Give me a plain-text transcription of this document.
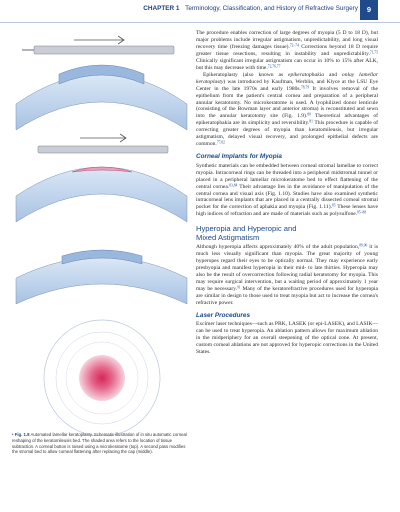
CHAPTER 1 Terminology, Classification, and History of Refractive Surgery	9
• Fig. 1.8 Automated lamellar keratoplasty. Schematic illustration of in situ automatic corneal reshaping of the keratomileusis bed. The shaded area refers to the location of tissue subtraction. A corneal button is raised using a microkeratome (top). A second pass modifies the stromal bed to allow corneal flattening after replacing the cap (middle).

The procedure enables correction of large degrees of myopia (5 D to 18 D), but major problems include irregular astigmatism, unpredictability, and long visual recovery time (freezing damages tissue).$^{72-74}$ Corrections beyond 18 D require greater tissue resections, resulting in instability and unpredictability.$^{71,75}$ Clinically significant irregular astigmatism can occur in 10% to 15% after ALK, but this may decrease with time.$^{72,76,77}$

Epikeratoplasty (also known as epikeratophakia and onlay lamellar keratoplasty) was introduced by Kaufman, Werblin, and Klyce at the LSU Eye Center in the late 1970s and early 1980s.$^{78,79}$ It involves removal of the epithelium from the patient's central cornea and preparation of a peripheral annular keratotomy. No microkeratome is used. A lyophilized donor lenticule (consisting of the Bowman layer and anterior stroma) is reconstituted and sewn into the annular keratotomy site (Fig. 1.9).$^{80}$ Theoretical advantages of epikeratophakia are its simplicity and reversibility.$^{81}$ This procedure is capable of correcting greater degrees of myopia than keratomileusis, but irregular astigmatism, delayed visual recovery, and prolonged epithelial defects are common.$^{77,82}$

Corneal Implants for Myopia

Synthetic materials can be embedded between corneal stromal lamellae to correct myopia. Intracorneal rings can be threaded into a peripheral midstromal tunnel or placed in a peripheral lamellar microkeratome bed to effect flattening of the central cornea.$^{83,84}$ Their advantage lies in the avoidance of manipulation of the central cornea and visual axis (Fig. 1.10). Studies have also examined synthetic intracorneal lens implants that are placed in a centrally dissected corneal stromal pocket for the correction of aphakia and myopia (Fig. 1.11).$^{85}$ These lenses have high indices of refraction and are made of materials such as polysulfone.$^{85-88}$

Hyperopia and Hyperopic and
Mixed Astigmatism

Although hyperopia affects approximately 40% of the adult population,$^{89,90}$ it is much less visually significant than myopia. The great majority of young hyperopes regard their eyes to be optically normal. They may experience early presbyopia and manifest hyperopia in their mid- to late thirties. Hyperopia may also be the result of overcorrection following radial keratotomy for myopia. This may require surgical intervention, but a waiting period of approximately 1 year may be necessary.$^{91}$ Many of the keratorefractive procedures used for hyperopia are similar in design to those used to treat myopia but act to increase the cornea's refractive power.

Laser Procedures

Excimer laser techniques—such as PRK, LASEK (or epi-LASEK), and LASIK—can be used to treat hyperopia. An ablation pattern allows for maximum ablation in the midperiphery for an overall steepening of the optical zone. At present, custom corneal ablations are not approved for hyperopic corrections in the United States.
